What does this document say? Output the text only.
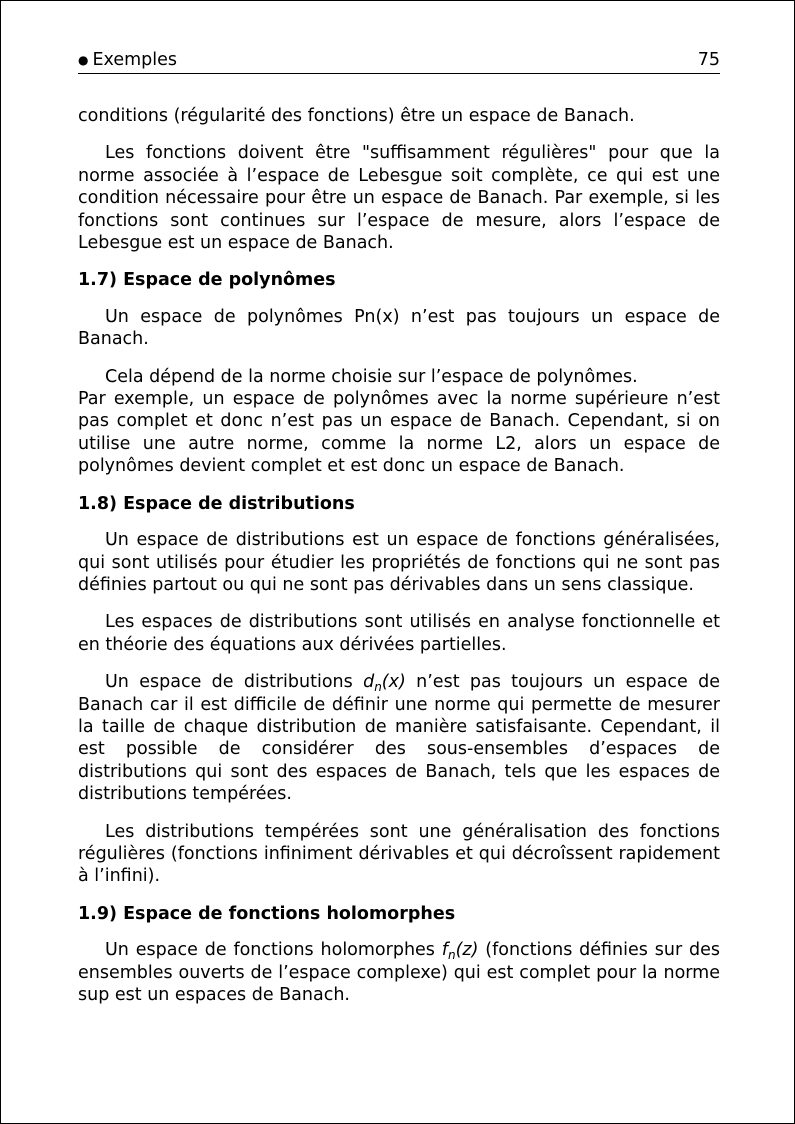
● Exemples	75

conditions (régularité des fonctions) être un espace de Banach.

Les fonctions doivent être "suffisamment régulières" pour que la norme associée à l’espace de Lebesgue soit complète, ce qui est une condition nécessaire pour être un espace de Banach. Par exemple, si les fonctions sont continues sur l’espace de mesure, alors l’espace de Lebesgue est un espace de Banach.

1.7) Espace de polynômes

Un espace de polynômes Pn(x) n’est pas toujours un espace de Banach.

Cela dépend de la norme choisie sur l’espace de polynômes.
Par exemple, un espace de polynômes avec la norme supérieure n’est pas complet et donc n’est pas un espace de Banach. Cependant, si on utilise une autre norme, comme la norme L2, alors un espace de polynômes devient complet et est donc un espace de Banach.

1.8) Espace de distributions

Un espace de distributions est un espace de fonctions généralisées, qui sont utilisés pour étudier les propriétés de fonctions qui ne sont pas définies partout ou qui ne sont pas dérivables dans un sens classique.

Les espaces de distributions sont utilisés en analyse fonctionnelle et en théorie des équations aux dérivées partielles.

Un espace de distributions $d_n(x)$ n’est pas toujours un espace de Banach car il est difficile de définir une norme qui permette de mesurer la taille de chaque distribution de manière satisfaisante. Cependant, il est possible de considérer des sous-ensembles d’espaces de distributions qui sont des espaces de Banach, tels que les espaces de distributions tempérées.

Les distributions tempérées sont une généralisation des fonctions régulières (fonctions infiniment dérivables et qui décroîssent rapidement à l’infini).

1.9) Espace de fonctions holomorphes

Un espace de fonctions holomorphes $f_n(z)$ (fonctions définies sur des ensembles ouverts de l’espace complexe) qui est complet pour la norme sup est un espaces de Banach.
